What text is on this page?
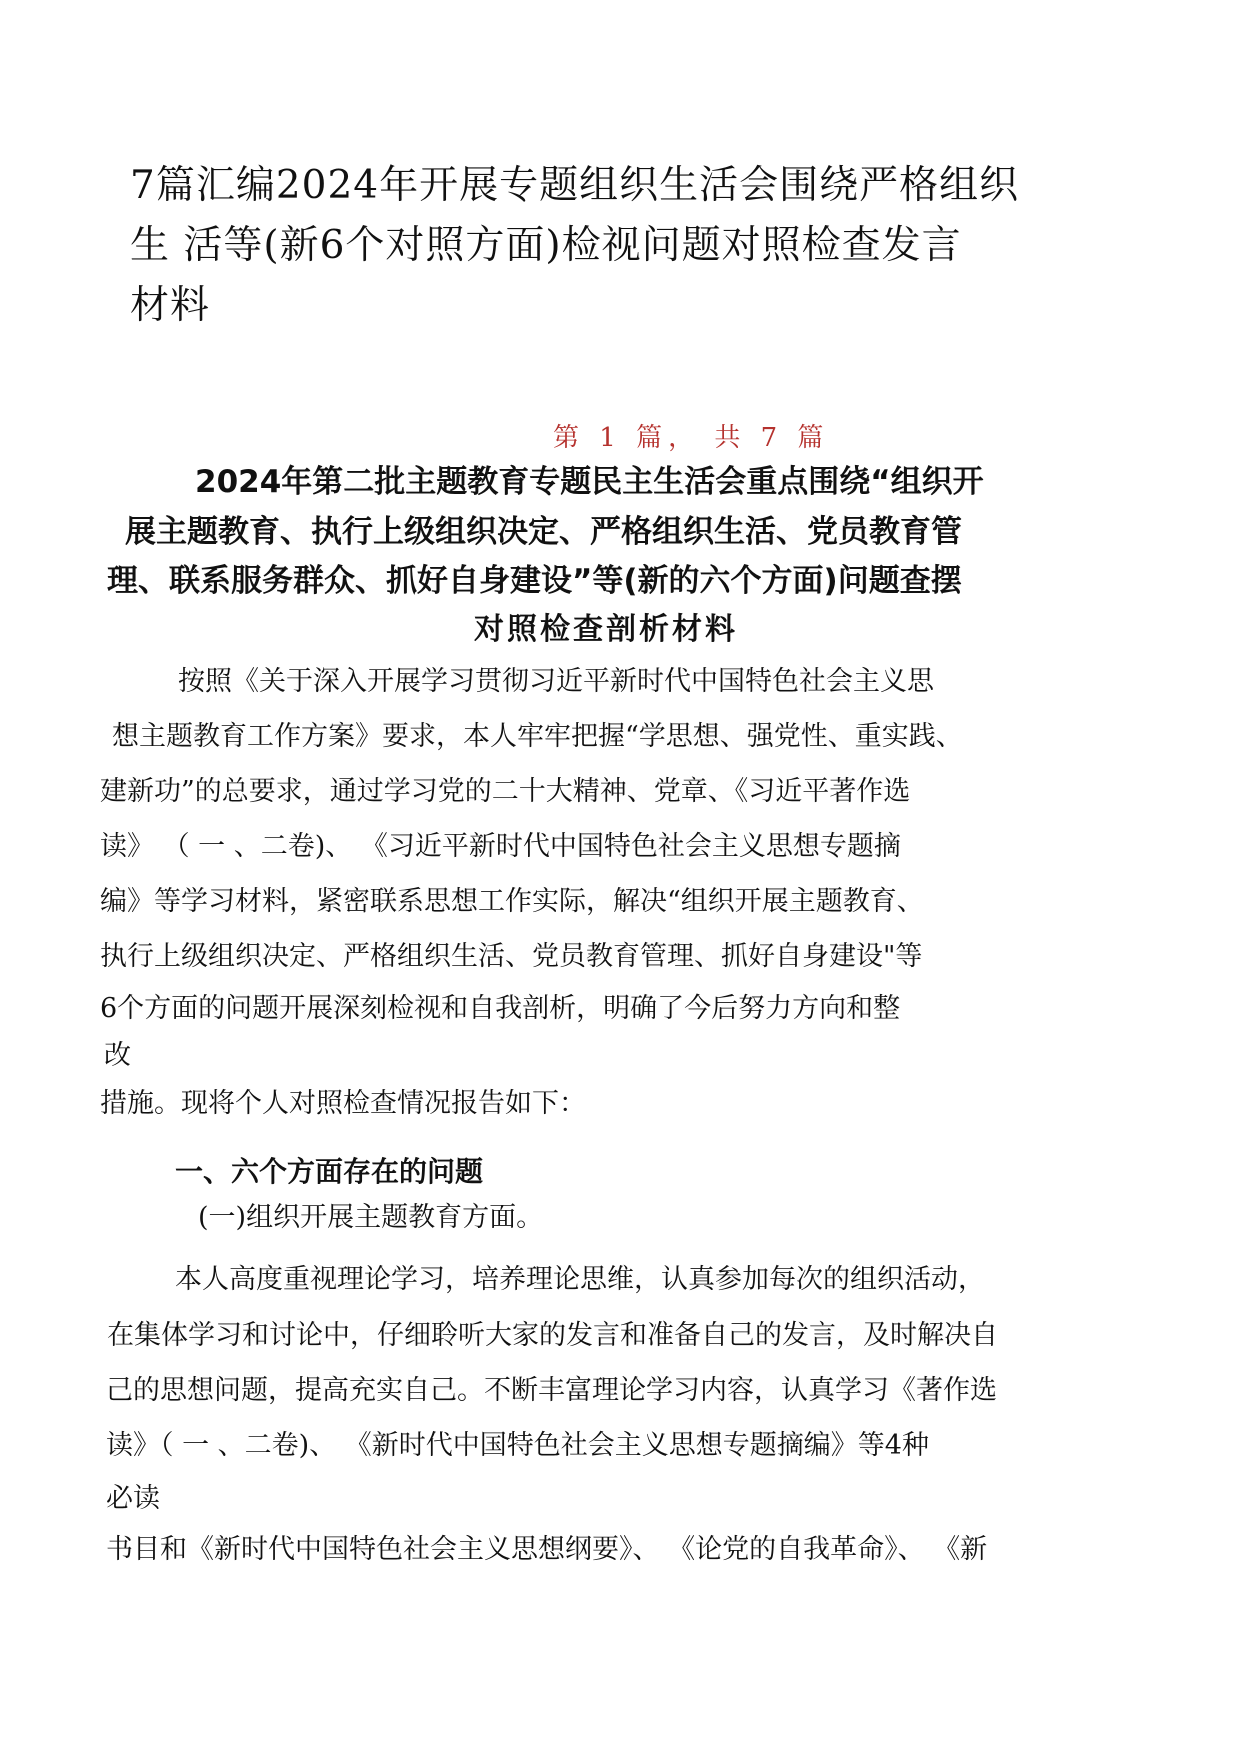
7篇汇编2024年开展专题组织生活会围绕严格组织

生 活等(新6个对照方面)检视问题对照检查发言

材料

第 1 篇， 共 7 篇

2024年第二批主题教育专题民主生活会重点围绕“组织开

展主题教育、执行上级组织决定、严格组织生活、党员教育管

理、联系服务群众、抓好自身建设”等(新的六个方面)问题查摆

对照检查剖析材料

按照《关于深入开展学习贯彻习近平新时代中国特色社会主义思

想主题教育工作方案》要求，本人牢牢把握“学思想、强党性、重实践、

建新功”的总要求，通过学习党的二十大精神、党章、《习近平著作选

读》 （ 一 、二卷)、 《习近平新时代中国特色社会主义思想专题摘

编》等学习材料，紧密联系思想工作实际，解决“组织开展主题教育、

执行上级组织决定、严格组织生活、党员教育管理、抓好自身建设"等

6个方面的问题开展深刻检视和自我剖析，明确了今后努力方向和整

改

措施。现将个人对照检查情况报告如下：

一、六个方面存在的问题

(一)组织开展主题教育方面。

本人高度重视理论学习，培养理论思维，认真参加每次的组织活动，

在集体学习和讨论中，仔细聆听大家的发言和准备自己的发言，及时解决自

己的思想问题，提高充实自己。不断丰富理论学习内容，认真学习《著作选

读》（ 一 、二卷)、 《新时代中国特色社会主义思想专题摘编》等4种

必读

书目和《新时代中国特色社会主义思想纲要》、 《论党的自我革命》、 《新
